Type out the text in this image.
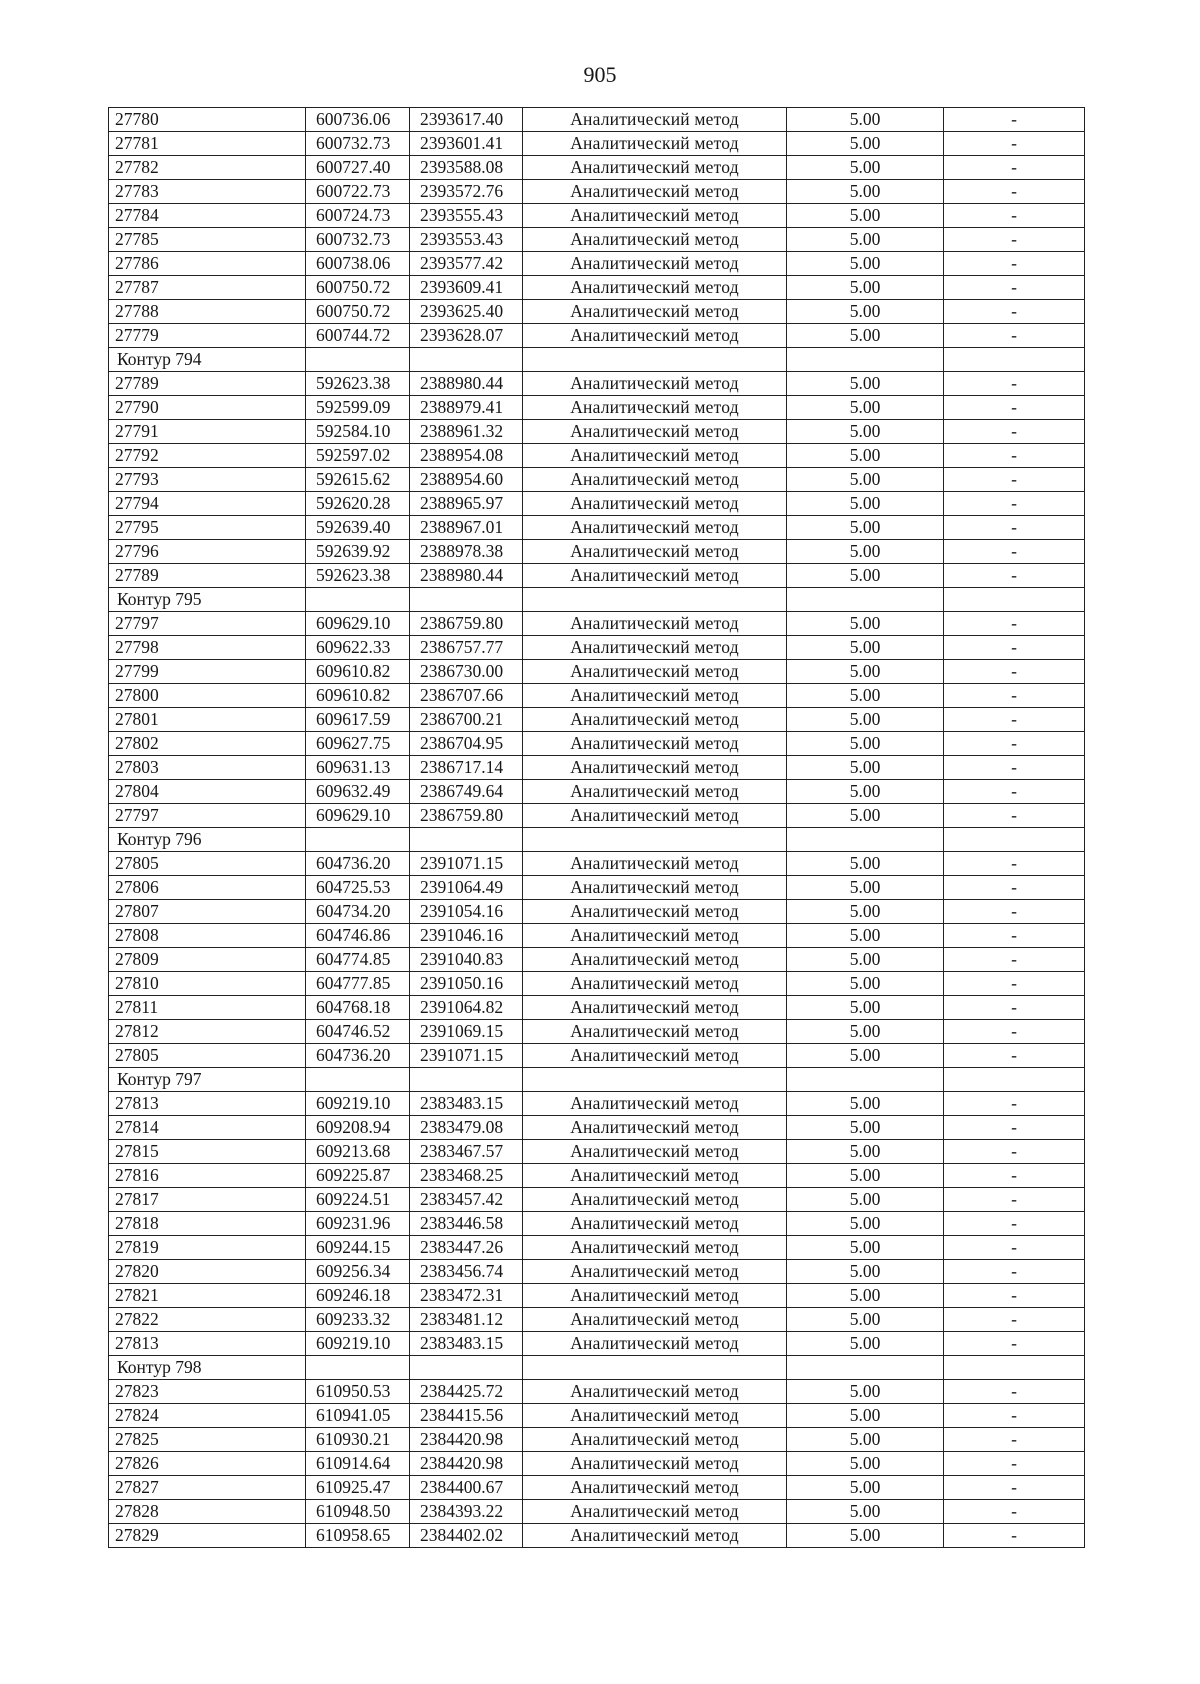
905
27780	600736.06	2393617.40	Аналитический метод	5.00	-
27781	600732.73	2393601.41	Аналитический метод	5.00	-
27782	600727.40	2393588.08	Аналитический метод	5.00	-
27783	600722.73	2393572.76	Аналитический метод	5.00	-
27784	600724.73	2393555.43	Аналитический метод	5.00	-
27785	600732.73	2393553.43	Аналитический метод	5.00	-
27786	600738.06	2393577.42	Аналитический метод	5.00	-
27787	600750.72	2393609.41	Аналитический метод	5.00	-
27788	600750.72	2393625.40	Аналитический метод	5.00	-
27779	600744.72	2393628.07	Аналитический метод	5.00	-
Контур 794					
27789	592623.38	2388980.44	Аналитический метод	5.00	-
27790	592599.09	2388979.41	Аналитический метод	5.00	-
27791	592584.10	2388961.32	Аналитический метод	5.00	-
27792	592597.02	2388954.08	Аналитический метод	5.00	-
27793	592615.62	2388954.60	Аналитический метод	5.00	-
27794	592620.28	2388965.97	Аналитический метод	5.00	-
27795	592639.40	2388967.01	Аналитический метод	5.00	-
27796	592639.92	2388978.38	Аналитический метод	5.00	-
27789	592623.38	2388980.44	Аналитический метод	5.00	-
Контур 795					
27797	609629.10	2386759.80	Аналитический метод	5.00	-
27798	609622.33	2386757.77	Аналитический метод	5.00	-
27799	609610.82	2386730.00	Аналитический метод	5.00	-
27800	609610.82	2386707.66	Аналитический метод	5.00	-
27801	609617.59	2386700.21	Аналитический метод	5.00	-
27802	609627.75	2386704.95	Аналитический метод	5.00	-
27803	609631.13	2386717.14	Аналитический метод	5.00	-
27804	609632.49	2386749.64	Аналитический метод	5.00	-
27797	609629.10	2386759.80	Аналитический метод	5.00	-
Контур 796					
27805	604736.20	2391071.15	Аналитический метод	5.00	-
27806	604725.53	2391064.49	Аналитический метод	5.00	-
27807	604734.20	2391054.16	Аналитический метод	5.00	-
27808	604746.86	2391046.16	Аналитический метод	5.00	-
27809	604774.85	2391040.83	Аналитический метод	5.00	-
27810	604777.85	2391050.16	Аналитический метод	5.00	-
27811	604768.18	2391064.82	Аналитический метод	5.00	-
27812	604746.52	2391069.15	Аналитический метод	5.00	-
27805	604736.20	2391071.15	Аналитический метод	5.00	-
Контур 797					
27813	609219.10	2383483.15	Аналитический метод	5.00	-
27814	609208.94	2383479.08	Аналитический метод	5.00	-
27815	609213.68	2383467.57	Аналитический метод	5.00	-
27816	609225.87	2383468.25	Аналитический метод	5.00	-
27817	609224.51	2383457.42	Аналитический метод	5.00	-
27818	609231.96	2383446.58	Аналитический метод	5.00	-
27819	609244.15	2383447.26	Аналитический метод	5.00	-
27820	609256.34	2383456.74	Аналитический метод	5.00	-
27821	609246.18	2383472.31	Аналитический метод	5.00	-
27822	609233.32	2383481.12	Аналитический метод	5.00	-
27813	609219.10	2383483.15	Аналитический метод	5.00	-
Контур 798					
27823	610950.53	2384425.72	Аналитический метод	5.00	-
27824	610941.05	2384415.56	Аналитический метод	5.00	-
27825	610930.21	2384420.98	Аналитический метод	5.00	-
27826	610914.64	2384420.98	Аналитический метод	5.00	-
27827	610925.47	2384400.67	Аналитический метод	5.00	-
27828	610948.50	2384393.22	Аналитический метод	5.00	-
27829	610958.65	2384402.02	Аналитический метод	5.00	-
